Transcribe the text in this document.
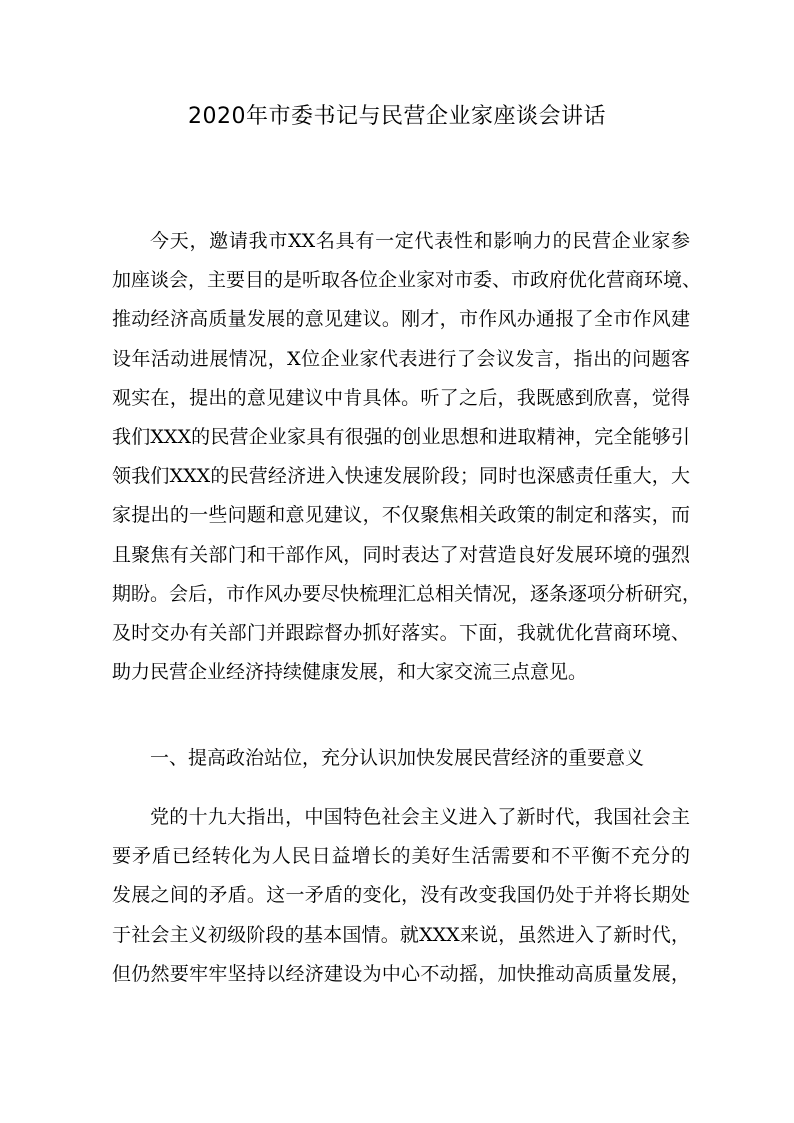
2020年市委书记与民营企业家座谈会讲话
今天，邀请我市XX名具有一定代表性和影响力的民营企业家参
加座谈会，主要目的是听取各位企业家对市委、市政府优化营商环境、
推动经济高质量发展的意见建议。刚才，市作风办通报了全市作风建
设年活动进展情况，X位企业家代表进行了会议发言，指出的问题客
观实在，提出的意见建议中肯具体。听了之后，我既感到欣喜，觉得
我们XXX的民营企业家具有很强的创业思想和进取精神，完全能够引
领我们XXX的民营经济进入快速发展阶段；同时也深感责任重大，大
家提出的一些问题和意见建议，不仅聚焦相关政策的制定和落实，而
且聚焦有关部门和干部作风，同时表达了对营造良好发展环境的强烈
期盼。会后，市作风办要尽快梳理汇总相关情况，逐条逐项分析研究，
及时交办有关部门并跟踪督办抓好落实。下面，我就优化营商环境、
助力民营企业经济持续健康发展，和大家交流三点意见。
一、提高政治站位，充分认识加快发展民营经济的重要意义
党的十九大指出，中国特色社会主义进入了新时代，我国社会主
要矛盾已经转化为人民日益增长的美好生活需要和不平衡不充分的
发展之间的矛盾。这一矛盾的变化，没有改变我国仍处于并将长期处
于社会主义初级阶段的基本国情。就XXX来说，虽然进入了新时代，
但仍然要牢牢坚持以经济建设为中心不动摇，加快推动高质量发展，
